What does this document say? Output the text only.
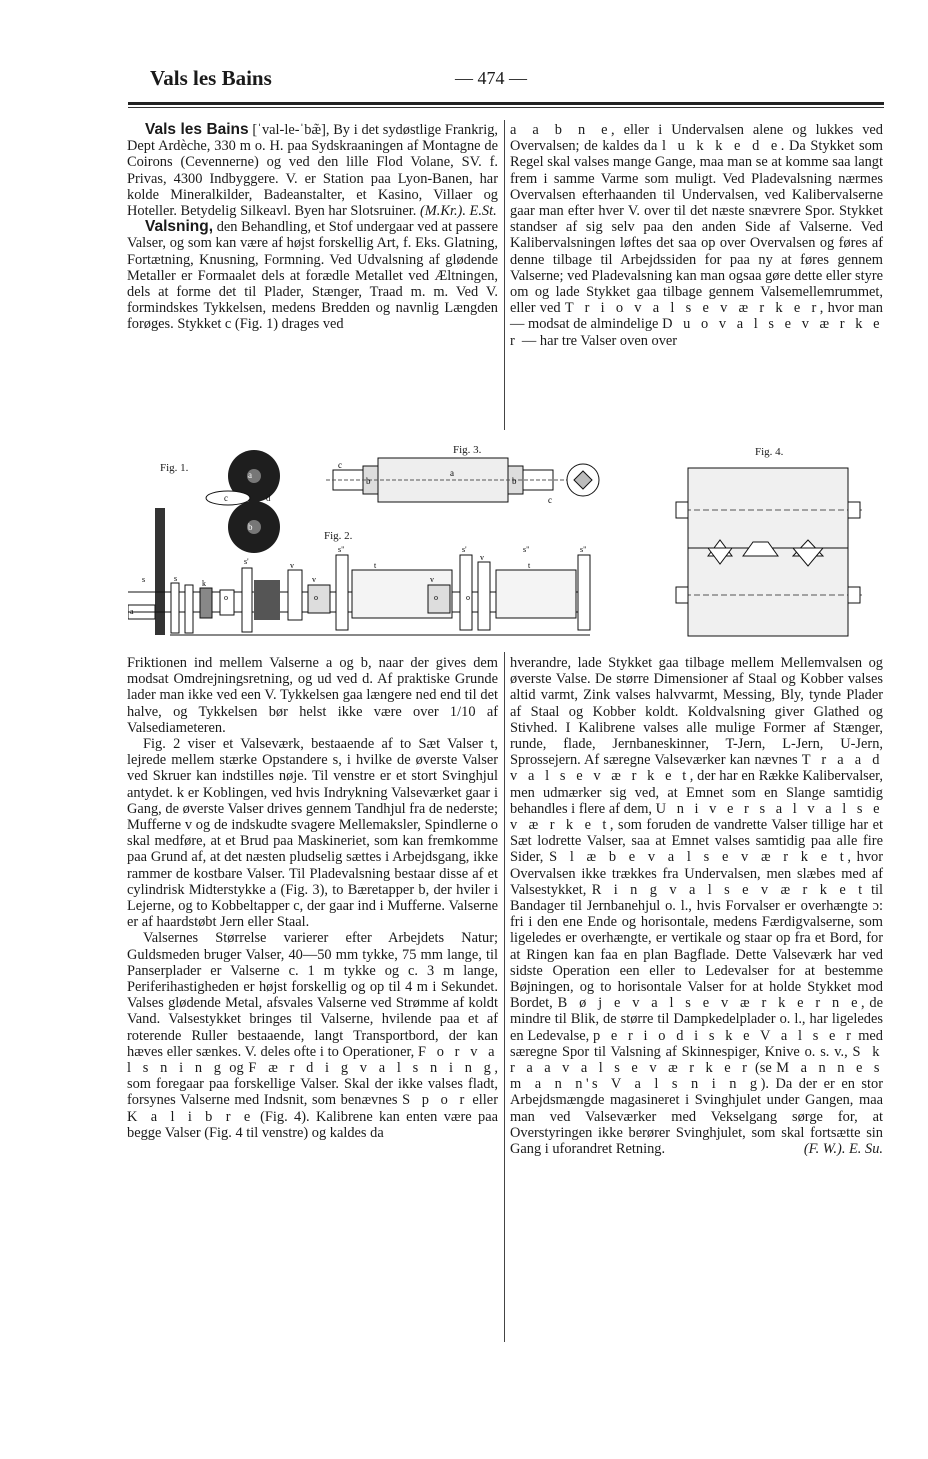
Vals les Bains	— 474 —

Vals les Bains [ˈval-le-ˈbæ̃], By i det sydøstlige Frankrig, Dept Ardèche, 330 m o. H. paa Sydskraaningen af Montagne de Coirons (Cevennerne) og ved den lille Flod Volane, SV. f. Privas, 4300 Indbyggere. V. er Station paa Lyon-Banen, har kolde Mineralkilder, Badeanstalter, et Kasino, Villaer og Hoteller. Betydelig Silkeavl. Byen har Slotsruiner. (M.Kr.). E.St.

Valsning, den Behandling, et Stof undergaar ved at passere Valser, og som kan være af højst forskellig Art, f. Eks. Glatning, Fortætning, Knusning, Formning. Ved Udvalsning af glødende Metaller er Formaalet dels at forædle Metallet ved Æltningen, dels at forme det til Plader, Stænger, Traad m. m. Ved V. formindskes Tykkelsen, medens Bredden og navnlig Længden forøges. Stykket c (Fig. 1) drages ved

a a b n e, eller i Undervalsen alene og lukkes ved Overvalsen; de kaldes da l u k k e d e. Da Stykket som Regel skal valses mange Gange, maa man se at komme saa langt frem i samme Varme som muligt. Ved Pladevalsning nærmes Overvalsen efterhaanden til Undervalsen, ved Kalibervalserne gaar man efter hver V. over til det næste snævrere Spor. Stykket standser af sig selv paa den anden Side af Valserne. Ved Kalibervalsningen løftes det saa op over Overvalsen og føres af denne tilbage til Arbejdssiden for paa ny at føres gennem Valserne; ved Pladevalsning kan man ogsaa gøre dette eller styre om og lade Stykket gaa tilbage gennem Valsemellemrummet, eller ved T r i o v a l s e v æ r k e r, hvor man — modsat de almindelige D u o v a l s e v æ r k e r — har tre Valser oven over

Fig. 1.
Fig. 3.
Fig. 2.
Fig. 4.
a
b
c	d
a
b	b
c
c
a
s	s
k
s'	v
v
s"
t
s'
v
v
s"
t
s"
o	o	o	o

Friktionen ind mellem Valserne a og b, naar der gives dem modsat Omdrejningsretning, og ud ved d. Af praktiske Grunde lader man ikke ved een V. Tykkelsen gaa længere ned end til det halve, og Tykkelsen bør helst ikke være over 1/10 af Valsediameteren.

Fig. 2 viser et Valseværk, bestaaende af to Sæt Valser t, lejrede mellem stærke Opstandere s, i hvilke de øverste Valser ved Skruer kan indstilles nøje. Til venstre er et stort Svinghjul antydet. k er Koblingen, ved hvis Indrykning Valseværket gaar i Gang, de øverste Valser drives gennem Tandhjul fra de nederste; Mufferne v og de indskudte svagere Mellemaksler, Spindlerne o skal medføre, at et Brud paa Maskineriet, som kan fremkomme paa Grund af, at det næsten pludselig sættes i Arbejdsgang, ikke rammer de kostbare Valser. Til Pladevalsning bestaar disse af et cylindrisk Midterstykke a (Fig. 3), to Bæretapper b, der hviler i Lejerne, og to Kobbeltapper c, der gaar ind i Mufferne. Valserne er af haardstøbt Jern eller Staal.

Valsernes Størrelse varierer efter Arbejdets Natur; Guldsmeden bruger Valser, 40—50 mm tykke, 75 mm lange, til Panserplader er Valserne c. 1 m tykke og c. 3 m lange, Periferihastigheden er højst forskellig og op til 4 m i Sekundet. Valses glødende Metal, afsvales Valserne ved Strømme af koldt Vand. Valsestykket bringes til Valserne, hvilende paa et af roterende Ruller bestaaende, langt Transportbord, der kan hæves eller sænkes. V. deles ofte i to Operationer, F o r v a l s n i n g og F æ r d i g v a l s n i n g, som foregaar paa forskellige Valser. Skal der ikke valses fladt, forsynes Valserne med Indsnit, som benævnes S p o r eller K a l i b r e (Fig. 4). Kalibrene kan enten være paa begge Valser (Fig. 4 til venstre) og kaldes da

hverandre, lade Stykket gaa tilbage mellem Mellemvalsen og øverste Valse. De større Dimensioner af Staal og Kobber valses altid varmt, Zink valses halvvarmt, Messing, Bly, tynde Plader af Staal og Kobber koldt. Koldvalsning giver Glathed og Stivhed. I Kalibrene valses alle mulige Former af Stænger, runde, flade, Jernbaneskinner, T-Jern, L-Jern, U-Jern, Sprossejern. Af særegne Valseværker kan nævnes T r a a d v a l s e v æ r k e t, der har en Række Kalibervalser, men udmærker sig ved, at Emnet som en Slange samtidig behandles i flere af dem, U n i v e r s a l v a l s e v æ r k e t, som foruden de vandrette Valser tillige har et Sæt lodrette Valser, saa at Emnet valses samtidig paa alle fire Sider, S l æ b e v a l s e v æ r k e t, hvor Overvalsen ikke trækkes fra Undervalsen, men slæbes med af Valsestykket, R i n g v a l s e v æ r k e t til Bandager til Jernbanehjul o. l., hvis Forvalser er overhængte ɔ: fri i den ene Ende og horisontale, medens Færdigvalserne, som ligeledes er overhængte, er vertikale og staar op fra et Bord, for at Ringen kan faa en plan Bagflade. Dette Valseværk har ved sidste Operation een eller to Ledevalser for at bestemme Bøjningen, og to horisontale Valser for at holde Stykket mod Bordet, B ø j e v a l s e v æ r k e r n e, de mindre til Blik, de større til Dampkedelplader o. l., har ligeledes en Ledevalse, p e r i o d i s k e V a l s e r med særegne Spor til Valsning af Skinnespiger, Knive o. s. v., S k r a a v a l s e v æ r k e r (se M a n n e s m a n n's V a l s n i n g). Da der er en stor Arbejdsmængde magasineret i Svinghjulet under Gangen, maa man ved Valseværker med Vekselgang sørge for, at Overstyringen ikke berører Svinghjulet, som skal fortsætte sin Gang i uforandret Retning.	(F. W.). E. Su.
